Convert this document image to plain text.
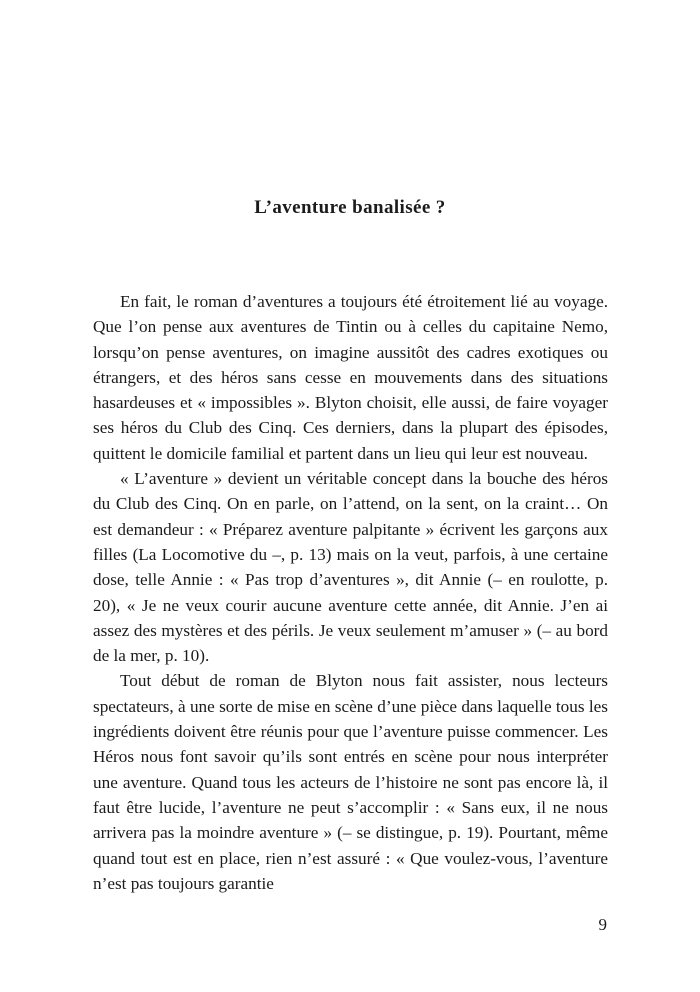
L’aventure banalisée ?

En fait, le roman d’aventures a toujours été étroitement lié au voyage. Que l’on pense aux aventures de Tintin ou à celles du capitaine Nemo, lorsqu’on pense aventures, on imagine aussitôt des cadres exotiques ou étrangers, et des héros sans cesse en mouvements dans des situations hasardeuses et « impossibles ». Blyton choisit, elle aussi, de faire voyager ses héros du Club des Cinq. Ces derniers, dans la plupart des épisodes, quittent le domicile familial et partent dans un lieu qui leur est nouveau.

« L’aventure » devient un véritable concept dans la bouche des héros du Club des Cinq. On en parle, on l’attend, on la sent, on la craint… On est demandeur : « Préparez aventure palpitante » écrivent les garçons aux filles (La Locomotive du –, p. 13) mais on la veut, parfois, à une certaine dose, telle Annie : « Pas trop d’aventures », dit Annie (– en roulotte, p. 20), « Je ne veux courir aucune aventure cette année, dit Annie. J’en ai assez des mystères et des périls. Je veux seulement m’amuser » (– au bord de la mer, p. 10).

Tout début de roman de Blyton nous fait assister, nous lecteurs spectateurs, à une sorte de mise en scène d’une pièce dans laquelle tous les ingrédients doivent être réunis pour que l’aventure puisse commencer. Les Héros nous font savoir qu’ils sont entrés en scène pour nous interpréter une aventure. Quand tous les acteurs de l’histoire ne sont pas encore là, il faut être lucide, l’aventure ne peut s’accomplir : « Sans eux, il ne nous arrivera pas la moindre aventure » (– se distingue, p. 19). Pourtant, même quand tout est en place, rien n’est assuré : « Que voulez-vous, l’aventure n’est pas toujours garantie

9
